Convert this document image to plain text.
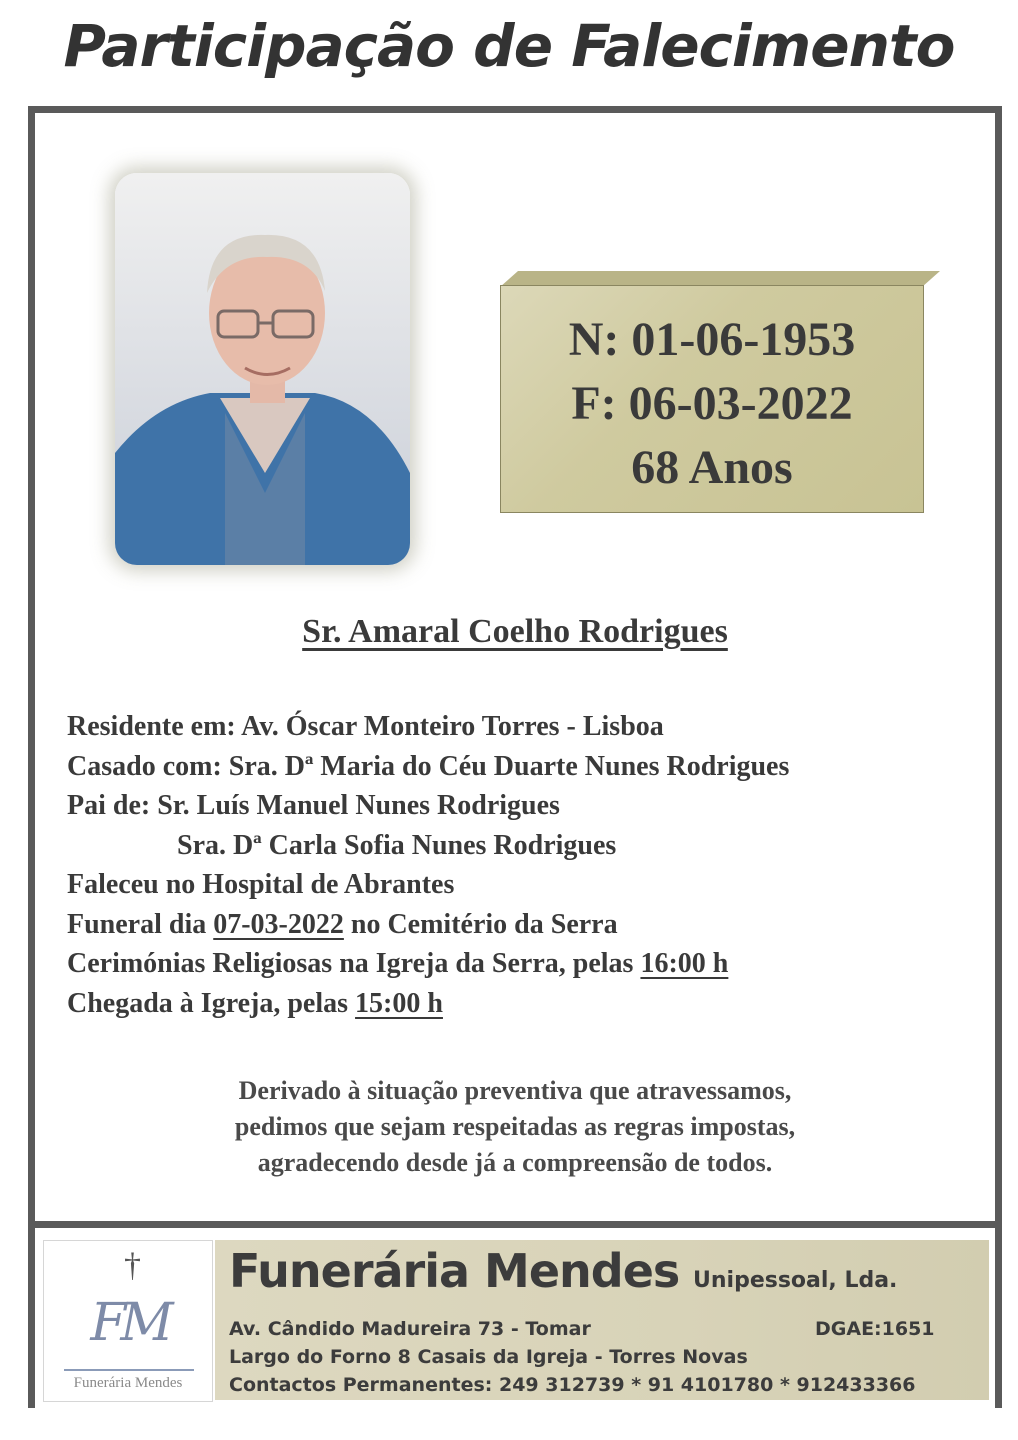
Participação de Falecimento
N: 01-06-1953
F: 06-03-2022
68 Anos
Sr. Amaral Coelho Rodrigues
Residente em: Av. Óscar Monteiro Torres - Lisboa
Casado com: Sra. Dª Maria do Céu Duarte Nunes Rodrigues
Pai de: Sr. Luís Manuel Nunes Rodrigues
Sra. Dª Carla Sofia Nunes Rodrigues
Faleceu no Hospital de Abrantes
Funeral dia 07-03-2022 no Cemitério da Serra
Cerimónias Religiosas na Igreja da Serra, pelas 16:00 h
Chegada à Igreja, pelas 15:00 h
Derivado à situação preventiva que atravessamos,
pedimos que sejam respeitadas as regras impostas,
agradecendo desde já a compreensão de todos.
†
FM
Funerária Mendes
Funerária Mendes Unipessoal, Lda.
Av. Cândido Madureira 73 - Tomar	DGAE:1651
Largo do Forno 8 Casais da Igreja - Torres Novas
Contactos Permanentes: 249 312739 * 91 4101780 * 912433366
